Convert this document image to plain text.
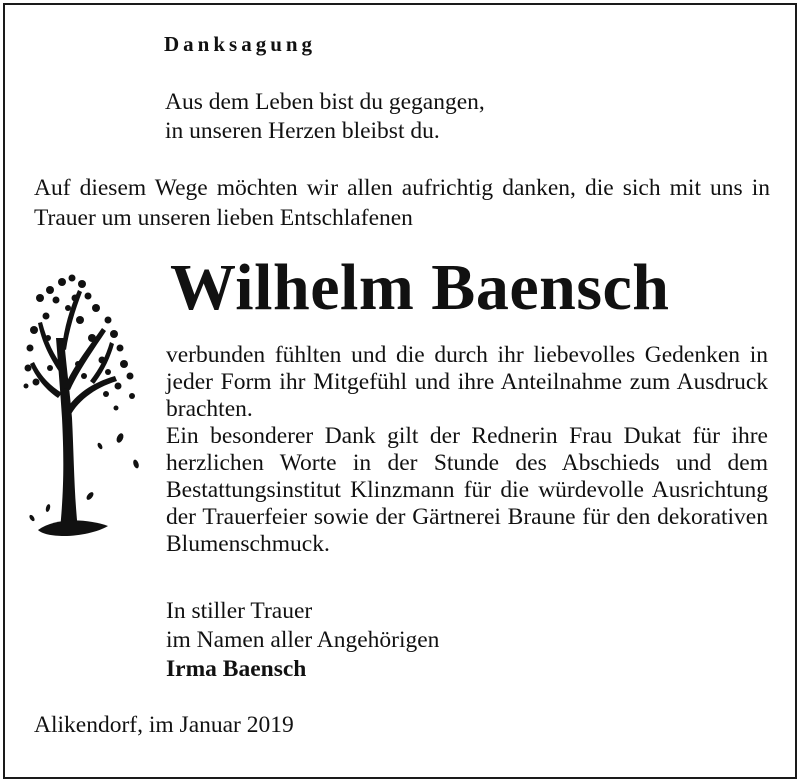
Danksagung
Aus dem Leben bist du gegangen,
in unseren Herzen bleibst du.
Auf diesem Wege möchten wir allen aufrichtig danken, die sich mit uns in Trauer um unseren lieben Entschlafenen
Wilhelm Baensch

verbunden fühlten und die durch ihr liebevolles Gedenken in jeder Form ihr Mitgefühl und ihre Anteilnahme zum Ausdruck brachten.

Ein besonderer Dank gilt der Rednerin Frau Dukat für ihre herzlichen Worte in der Stunde des Abschieds und dem Bestattungsinstitut Klinzmann für die würdevolle Ausrichtung der Trauerfeier sowie der Gärtnerei Braune für den dekorativen Blumenschmuck.

In stiller Trauer
im Namen aller Angehörigen
Irma Baensch
Alikendorf, im Januar 2019
